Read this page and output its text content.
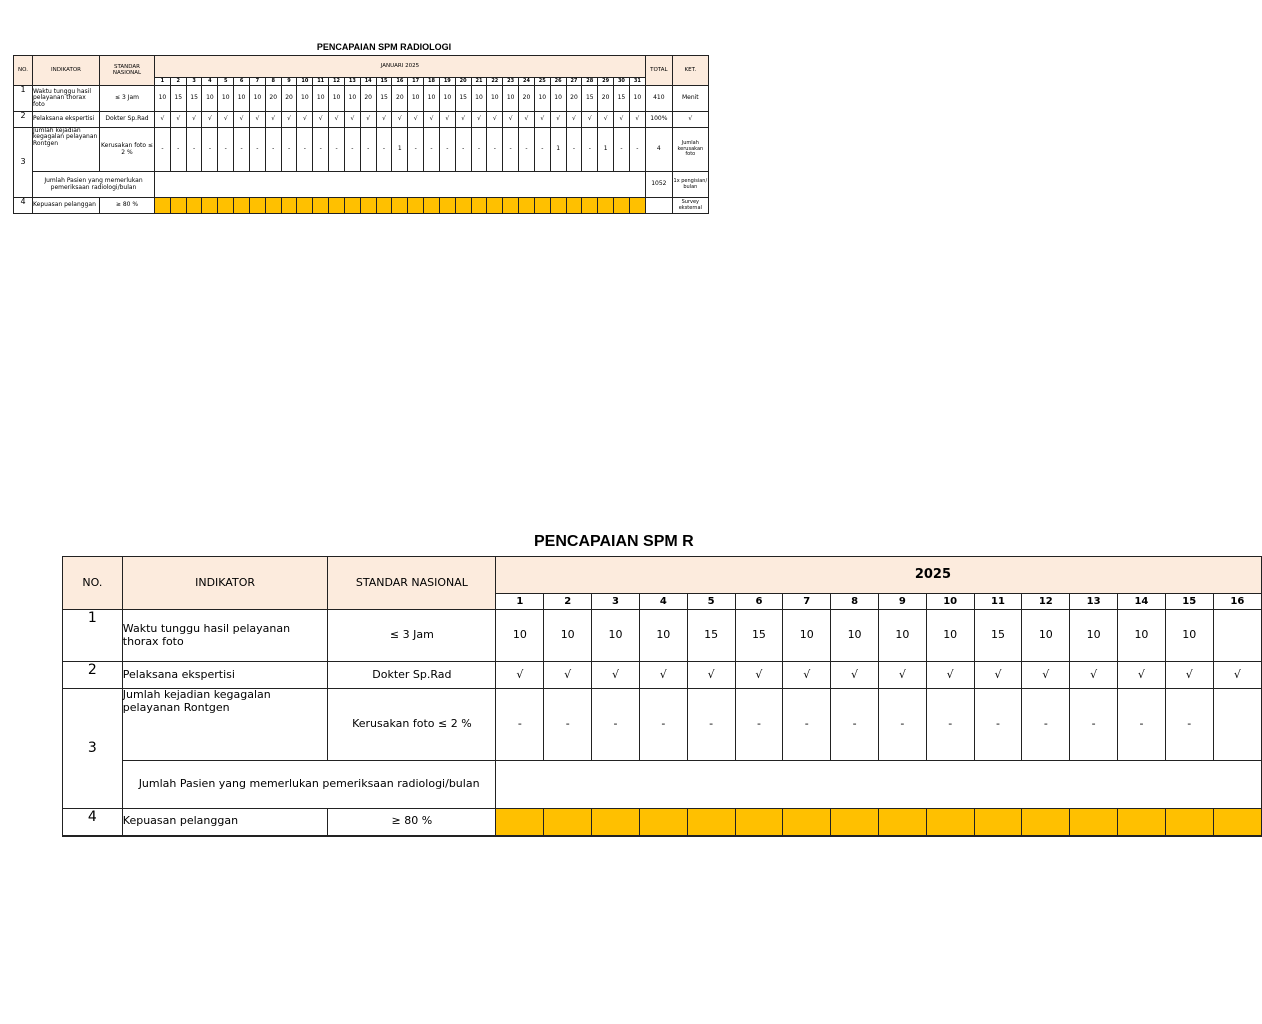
PENCAPAIAN SPM RADIOLOGI
NO.	INDIKATOR	STANDAR NASIONAL	JANUARI 2025																															TOTAL	KET.
			1	2	3	4	5	6	7	8	9	10	11	12	13	14	15	16	17	18	19	20	21	22	23	24	25	26	27	28	29	30	31		
1	Waktu tunggu hasil pelayanan thorax foto	≤ 3 Jam	10	15	15	10	10	10	10	20	20	10	10	10	10	20	15	20	10	10	10	15	10	10	10	20	10	10	20	15	20	15	10	410	Menit
2	Pelaksana ekspertisi	Dokter Sp.Rad	√	√	√	√	√	√	√	√	√	√	√	√	√	√	√	√	√	√	√	√	√	√	√	√	√	√	√	√	√	√	√	100%	√
3	Jumlah kejadian kegagalan pelayanan Rontgen	Kerusakan foto ≤ 2 %	-	-	-	-	-	-	-	-	-	-	-	-	-	-	-	1	-	-	-	-	-	-	-	-	-	1	-	-	1	-	-	4	Jumlah kerusakan foto
	Jumlah Pasien yang memerlukan pemeriksaan radiologi/bulan																																	1052	1x pengisian/ bulan
4	Kepuasan pelanggan	≥ 80 %																																	Survey eksternal
PENCAPAIAN SPM R
NO.	INDIKATOR	STANDAR NASIONAL	2025															
			1	2	3	4	5	6	7	8	9	10	11	12	13	14	15	16
1	Waktu tunggu hasil pelayanan thorax foto	≤ 3 Jam	10	10	10	10	15	15	10	10	10	10	15	10	10	10	10	
2	Pelaksana ekspertisi	Dokter Sp.Rad	√	√	√	√	√	√	√	√	√	√	√	√	√	√	√	√
3	Jumlah kejadian kegagalan pelayanan Rontgen	Kerusakan foto ≤ 2 %	-	-	-	-	-	-	-	-	-	-	-	-	-	-	-	
	Jumlah Pasien yang memerlukan pemeriksaan radiologi/bulan																	
4	Kepuasan pelanggan	≥ 80 %																
